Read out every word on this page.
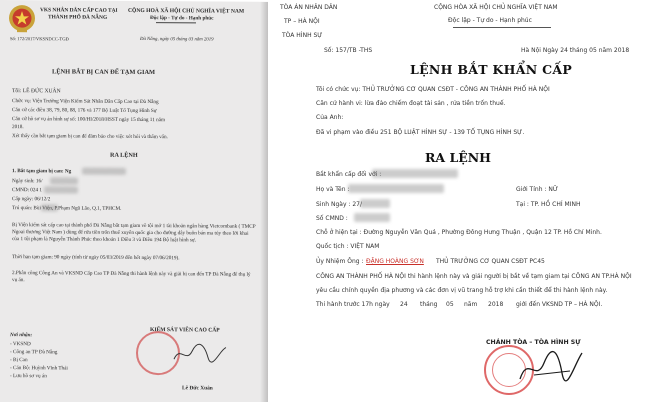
VKS NHÂN DÂN CẤP CAO TẠI
THÀNH PHỐ ĐÀ NẴNG
Số: 172/2017/VKSNDCC-TGĐ
CỘNG HOÀ XÃ HỘI CHỦ NGHĨA VIỆT NAM
Độc lập - Tự do - Hạnh phúc
Đà Nẵng, ngày 05 tháng 03 năm 2019
LỆNH BẮT BỊ CAN ĐỂ TẠM GIAM
Tôi: LÊ ĐỨC XUÂN
Chức vụ: Viện Trưởng Viện Kiểm Sát Nhân Dân Cấp Cao tại Đà Nẵng
Căn cứ các điều 38, 79, 80, 88, 176 và 177 Bộ Luật Tố Tụng Hình Sự
Căn cứ hồ sơ vụ án hình sự số: 100/HI/2018/HSST ngày 15 tháng 11 năm
2018.
Xét thấy cần bắt tạm giam bị can để đảm bảo cho việc xét hỏi và thẩm vấn.
RA LỆNH
1. Bắt tạm giam bị can: Ng
Ngày sinh: 16/
CMND: 024 1
Cấp ngày: 06/12/2
Trú quán: Bùi Viện, P.Phạm Ngũ Lão, Q.1, TPHCM.
Bị Viện kiểm sát cấp cao tại thành phố Đà Nẵng bắt tạm giam về tội mở 1 tài khoản ngân hàng Vietcombank ( TMCP Ngoại thương Việt Nam ) dùng để rửa tiền trốn thuế xuyên quốc gia cho đường dây buôn bán ma túy theo lời khai của 1 tội phạm là Nguyễn Thành Phúc theo khoản 1 Điều 3 và Điều 194 Bộ luật hình sự.
Thời hạn tạm giam: 90 ngày (tính từ ngày 05/03/2019 đến hết ngày 07/06/2019).
2.Phân công Công An và VKSND Cấp Cao TP Đà Nẵng thi hành lệnh này và giải bị can đến TP Đà Nẵng để thụ lý vụ án.
Nơi nhận:
- VKSND
- Công an TP Đà Nẵng
- Bị Can
- Cán Bộ: Huỳnh Vĩnh Thái
- Lưu hồ sơ vụ án
KIỂM SÁT VIÊN CAO CẤP
Lê Đức Xuân
TÒA ÁN NHÂN DÂN
TP – HÀ NỘI
TÒA HÌNH SỰ
CỘNG HÒA XÃ HỘI CHỦ NGHĨA VIỆT NAM
Độc lập - Tự do - Hạnh phúc
Số: 157/TB -THS	Hà Nội Ngày 24 tháng 05 năm 2018
LỆNH BẮT KHẨN CẤP
Tôi có chức vụ: THỦ TRƯỞNG CƠ QUAN CSĐT - CÔNG AN THÀNH PHỐ HÀ NỘI
Căn cứ hành vi: lừa đảo chiếm đoạt tài sản , rửa tiền trốn thuế.
Của Anh:
Đã vi phạm vào điều 251 BỘ LUẬT HÌNH SỰ - 139 TỐ TỤNG HÌNH SỰ.
RA LỆNH
Bắt khẩn cấp đối với :
Họ và Tên :	Giới Tính : NỮ
Sinh Ngày : 27/	Tại : TP. HỒ CHÍ MINH
Số CMND :
Chỗ ở hiện tại : Đường Nguyễn Văn Quá , Phường Đông Hưng Thuận , Quận 12 TP. Hồ Chí Minh.
Quốc tịch : VIỆT NAM
Ủy Nhiệm Ông : ĐẶNG HOÀNG SƠN THỦ TRƯỞNG CƠ QUAN CSĐT PC45
CÔNG AN THÀNH PHỐ HÀ NỘI thi hành lệnh này và giải người bị bắt về tạm giam tại CÔNG AN TP.HÀ NỘI
yêu cầu chính quyền địa phương và các đơn vị vũ trang hỗ trợ khi cần thiết để thi hành lệnh này.
Thi hành trước 17h ngày 24 tháng 05 năm 2018 giới đến VKSND TP – HÀ NỘI.
CHÁNH TÒA – TÒA HÌNH SỰ
